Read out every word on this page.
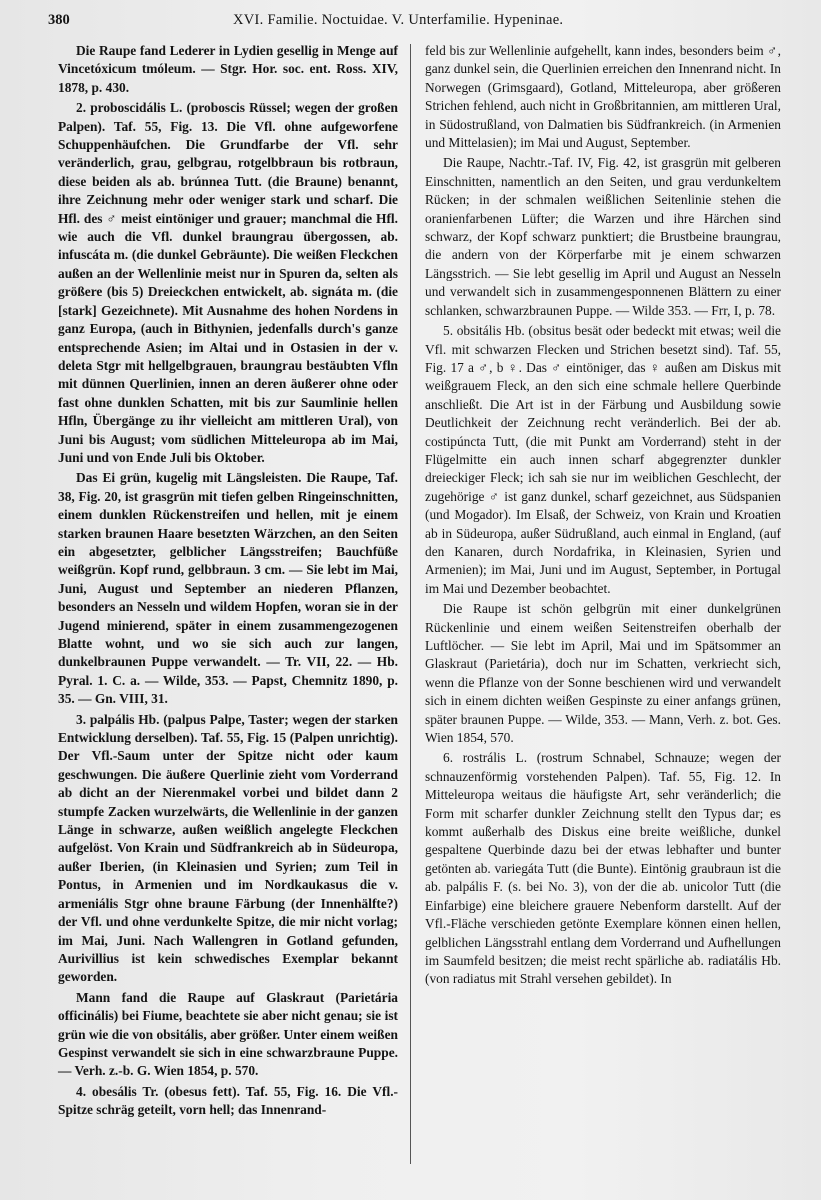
380	XVI. Familie. Noctuidae. V. Unterfamilie. Hypeninae.

Die Raupe fand Lederer in Lydien gesellig in Menge auf Vincetóxicum tmóleum. — Stgr. Hor. soc. ent. Ross. XIV, 1878, p. 430.

2. proboscidális L. (proboscis Rüssel; wegen der großen Palpen). Taf. 55, Fig. 13. Die Vfl. ohne aufgeworfene Schuppenhäufchen. Die Grundfarbe der Vfl. sehr veränderlich, grau, gelbgrau, rotgelbbraun bis rotbraun, diese beiden als ab. brúnnea Tutt. (die Braune) benannt, ihre Zeichnung mehr oder weniger stark und scharf. Die Hfl. des ♂ meist eintöniger und grauer; manchmal die Hfl. wie auch die Vfl. dunkel braungrau übergossen, ab. infuscáta m. (die dunkel Gebräunte). Die weißen Fleckchen außen an der Wellenlinie meist nur in Spuren da, selten als größere (bis 5) Dreieckchen entwickelt, ab. signáta m. (die [stark] Gezeichnete). Mit Ausnahme des hohen Nordens in ganz Europa, (auch in Bithynien, jedenfalls durch's ganze entsprechende Asien; im Altai und in Ostasien in der v. deleta Stgr mit hellgelbgrauen, braungrau bestäubten Vfln mit dünnen Querlinien, innen an deren äußerer ohne oder fast ohne dunklen Schatten, mit bis zur Saumlinie hellen Hfln, Übergänge zu ihr vielleicht am mittleren Ural), von Juni bis August; vom südlichen Mitteleuropa ab im Mai, Juni und von Ende Juli bis Oktober.

Das Ei grün, kugelig mit Längsleisten. Die Raupe, Taf. 38, Fig. 20, ist grasgrün mit tiefen gelben Ringeinschnitten, einem dunklen Rückenstreifen und hellen, mit je einem starken braunen Haare besetzten Wärzchen, an den Seiten ein abgesetzter, gelblicher Längsstreifen; Bauchfüße weißgrün. Kopf rund, gelbbraun. 3 cm. — Sie lebt im Mai, Juni, August und September an niederen Pflanzen, besonders an Nesseln und wildem Hopfen, woran sie in der Jugend minierend, später in einem zusammengezogenen Blatte wohnt, und wo sie sich auch zur langen, dunkelbraunen Puppe verwandelt. — Tr. VII, 22. — Hb. Pyral. 1. C. a. — Wilde, 353. — Papst, Chemnitz 1890, p. 35. — Gn. VIII, 31.

3. palpális Hb. (palpus Palpe, Taster; wegen der starken Entwicklung derselben). Taf. 55, Fig. 15 (Palpen unrichtig). Der Vfl.-Saum unter der Spitze nicht oder kaum geschwungen. Die äußere Querlinie zieht vom Vorderrand ab dicht an der Nierenmakel vorbei und bildet dann 2 stumpfe Zacken wurzelwärts, die Wellenlinie in der ganzen Länge in schwarze, außen weißlich angelegte Fleckchen aufgelöst. Von Krain und Südfrankreich ab in Südeuropa, außer Iberien, (in Kleinasien und Syrien; zum Teil in Pontus, in Armenien und im Nordkaukasus die v. armeniális Stgr ohne braune Färbung (der Innenhälfte?) der Vfl. und ohne verdunkelte Spitze, die mir nicht vorlag; im Mai, Juni. Nach Wallengren in Gotland gefunden, Aurivillius ist kein schwedisches Exemplar bekannt geworden.

Mann fand die Raupe auf Glaskraut (Parietária officinális) bei Fiume, beachtete sie aber nicht genau; sie ist grün wie die von obsitális, aber größer. Unter einem weißen Gespinst verwandelt sie sich in eine schwarzbraune Puppe. — Verh. z.-b. G. Wien 1854, p. 570.

4. obesális Tr. (obesus fett). Taf. 55, Fig. 16. Die Vfl.-Spitze schräg geteilt, vorn hell; das Innenrand-

feld bis zur Wellenlinie aufgehellt, kann indes, besonders beim ♂, ganz dunkel sein, die Querlinien erreichen den Innenrand nicht. In Norwegen (Grimsgaard), Gotland, Mitteleuropa, aber größeren Strichen fehlend, auch nicht in Großbritannien, am mittleren Ural, in Südostrußland, von Dalmatien bis Südfrankreich. (in Armenien und Mittelasien); im Mai und August, September.

Die Raupe, Nachtr.-Taf. IV, Fig. 42, ist grasgrün mit gelberen Einschnitten, namentlich an den Seiten, und grau verdunkeltem Rücken; in der schmalen weißlichen Seitenlinie stehen die oranienfarbenen Lüfter; die Warzen und ihre Härchen sind schwarz, der Kopf schwarz punktiert; die Brustbeine braungrau, die andern von der Körperfarbe mit je einem schwarzen Längsstrich. — Sie lebt gesellig im April und August an Nesseln und verwandelt sich in zusammengesponnenen Blättern zu einer schlanken, schwarzbraunen Puppe. — Wilde 353. — Frr, I, p. 78.

5. obsitális Hb. (obsitus besät oder bedeckt mit etwas; weil die Vfl. mit schwarzen Flecken und Strichen besetzt sind). Taf. 55, Fig. 17 a ♂, b ♀. Das ♂ eintöniger, das ♀ außen am Diskus mit weißgrauem Fleck, an den sich eine schmale hellere Querbinde anschließt. Die Art ist in der Färbung und Ausbildung sowie Deutlichkeit der Zeichnung recht veränderlich. Bei der ab. costipúncta Tutt, (die mit Punkt am Vorderrand) steht in der Flügelmitte ein auch innen scharf abgegrenzter dunkler dreieckiger Fleck; ich sah sie nur im weiblichen Geschlecht, der zugehörige ♂ ist ganz dunkel, scharf gezeichnet, aus Südspanien (und Mogador). Im Elsaß, der Schweiz, von Krain und Kroatien ab in Südeuropa, außer Südrußland, auch einmal in England, (auf den Kanaren, durch Nordafrika, in Kleinasien, Syrien und Armenien); im Mai, Juni und im August, September, in Portugal im Mai und Dezember beobachtet.

Die Raupe ist schön gelbgrün mit einer dunkelgrünen Rückenlinie und einem weißen Seitenstreifen oberhalb der Luftlöcher. — Sie lebt im April, Mai und im Spätsommer an Glaskraut (Parietária), doch nur im Schatten, verkriecht sich, wenn die Pflanze von der Sonne beschienen wird und verwandelt sich in einem dichten weißen Gespinste zu einer anfangs grünen, später braunen Puppe. — Wilde, 353. — Mann, Verh. z. bot. Ges. Wien 1854, 570.

6. rostrális L. (rostrum Schnabel, Schnauze; wegen der schnauzenförmig vorstehenden Palpen). Taf. 55, Fig. 12. In Mitteleuropa weitaus die häufigste Art, sehr veränderlich; die Form mit scharfer dunkler Zeichnung stellt den Typus dar; es kommt außerhalb des Diskus eine breite weißliche, dunkel gespaltene Querbinde dazu bei der etwas lebhafter und bunter getönten ab. variegáta Tutt (die Bunte). Eintönig graubraun ist die ab. palpális F. (s. bei No. 3), von der die ab. unicolor Tutt (die Einfarbige) eine bleichere grauere Nebenform darstellt. Auf der Vfl.-Fläche verschieden getönte Exemplare können einen hellen, gelblichen Längsstrahl entlang dem Vorderrand und Aufhellungen im Saumfeld besitzen; die meist recht spärliche ab. radiatális Hb. (von radiatus mit Strahl versehen gebildet). In
